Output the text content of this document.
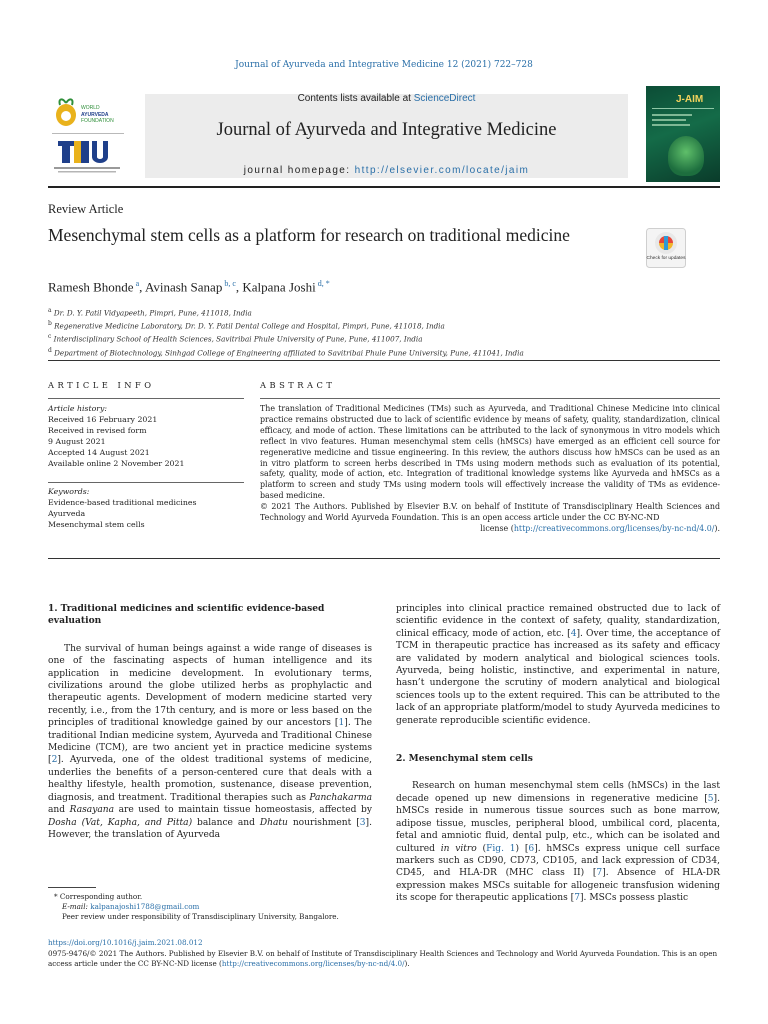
Journal of Ayurveda and Integrative Medicine 12 (2021) 722–728
WORLD
AYURVEDA
FOUNDATION
Contents lists available at ScienceDirect
Journal of Ayurveda and Integrative Medicine
journal homepage: http://elsevier.com/locate/jaim
J-AIM
Review Article
Mesenchymal stem cells as a platform for research on traditional medicine
Check for updates
Ramesh Bhonde $^a$, Avinash Sanap $^{b, c}$, Kalpana Joshi $^{d, *}$
$^a$ Dr. D. Y. Patil Vidyapeeth, Pimpri, Pune, 411018, India
$^b$ Regenerative Medicine Laboratory, Dr. D. Y. Patil Dental College and Hospital, Pimpri, Pune, 411018, India
$^c$ Interdisciplinary School of Health Sciences, Savitribai Phule University of Pune, Pune, 411007, India
$^d$ Department of Biotechnology, Sinhgad College of Engineering affiliated to Savitribai Phule Pune University, Pune, 411041, India
ARTICLE INFO	ABSTRACT
Article history:
Received 16 February 2021
Received in revised form
9 August 2021
Accepted 14 August 2021
Available online 2 November 2021
Keywords:
Evidence-based traditional medicines
Ayurveda
Mesenchymal stem cells
The translation of Traditional Medicines (TMs) such as Ayurveda, and Traditional Chinese Medicine into clinical practice remains obstructed due to lack of scientific evidence by means of safety, quality, standardization, clinical efficacy, and mode of action. These limitations can be attributed to the lack of synonymous in vitro models which reflect in vivo features. Human mesenchymal stem cells (hMSCs) have emerged as an efficient cell source for regenerative medicine and tissue engineering. In this review, the authors discuss how hMSCs can be used as an in vitro platform to screen herbs described in TMs using modern methods such as evaluation of its potential, safety, quality, mode of action, etc. Integration of traditional knowledge systems like Ayurveda and hMSCs as a platform to screen and study TMs using modern tools will effectively increase the validity of TMs as evidence-based medicine.
© 2021 The Authors. Published by Elsevier B.V. on behalf of Institute of Transdisciplinary Health Sciences and Technology and World Ayurveda Foundation. This is an open access article under the CC BY-NC-ND
license (http://creativecommons.org/licenses/by-nc-nd/4.0/).
1. Traditional medicines and scientific evidence-based evaluation

The survival of human beings against a wide range of diseases is one of the fascinating aspects of human intelligence and its application in medicine development. In evolutionary terms, civilizations around the globe utilized herbs as prophylactic and therapeutic agents. Development of modern medicine started very recently, i.e., from the 17th century, and is more or less based on the principles of traditional knowledge gained by our ancestors [1]. The traditional Indian medicine system, Ayurveda and Traditional Chinese Medicine (TCM), are two ancient yet in practice medicine systems [2]. Ayurveda, one of the oldest traditional systems of medicine, underlies the benefits of a person-centered cure that deals with a healthy lifestyle, health promotion, sustenance, disease prevention, diagnosis, and treatment. Traditional therapies such as Panchakarma and Rasayana are used to maintain tissue homeostasis, affected by Dosha (Vat, Kapha, and Pitta) balance and Dhatu nourishment [3]. However, the translation of Ayurveda

principles into clinical practice remained obstructed due to lack of scientific evidence in the context of safety, quality, standardization, clinical efficacy, mode of action, etc. [4]. Over time, the acceptance of TCM in therapeutic practice has increased as its safety and efficacy are validated by modern analytical and biological sciences tools. Ayurveda, being holistic, instinctive, and experimental in nature, hasn’t undergone the scrutiny of modern analytical and biological sciences tools up to the extent required. This can be attributed to the lack of an appropriate platform/model to study Ayurveda medicines to generate reproducible scientific evidence.

2. Mesenchymal stem cells

Research on human mesenchymal stem cells (hMSCs) in the last decade opened up new dimensions in regenerative medicine [5]. hMSCs reside in numerous tissue sources such as bone marrow, adipose tissue, muscles, peripheral blood, umbilical cord, placenta, fetal and amniotic fluid, dental pulp, etc., which can be isolated and cultured in vitro (Fig. 1) [6]. hMSCs express unique cell surface markers such as CD90, CD73, CD105, and lack expression of CD34, CD45, and HLA-DR (MHC class II) [7]. Absence of HLA-DR expression makes MSCs suitable for allogeneic transfusion widening its scope for therapeutic applications [7]. MSCs possess plastic

* Corresponding author.
E-mail: kalpanajoshi1788@gmail.com
Peer review under responsibility of Transdisciplinary University, Bangalore.
https://doi.org/10.1016/j.jaim.2021.08.012
0975-9476/© 2021 The Authors. Published by Elsevier B.V. on behalf of Institute of Transdisciplinary Health Sciences and Technology and World Ayurveda Foundation. This is an open access article under the CC BY-NC-ND license (http://creativecommons.org/licenses/by-nc-nd/4.0/).
